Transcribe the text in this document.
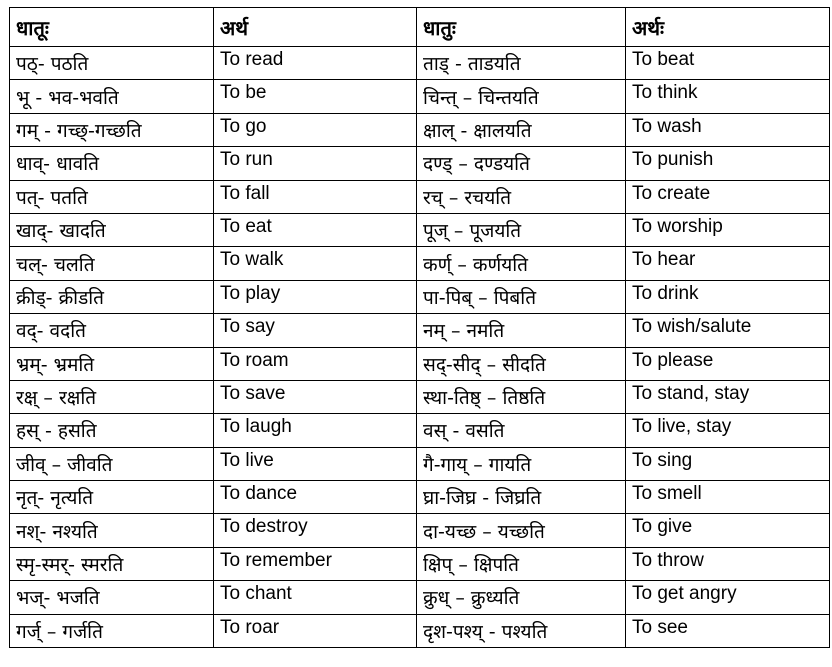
धातूः	अर्थ	धातुः	अर्थः
पठ्- पठति	To read	ताड् - ताडयति	To beat
भू - भव-भवति	To be	चिन्त् – चिन्तयति	To think
गम् - गच्छ्-गच्छति	To go	क्षाल् - क्षालयति	To wash
धाव्- धावति	To run	दण्ड् – दण्डयति	To punish
पत्- पतति	To fall	रच् – रचयति	To create
खाद्- खादति	To eat	पूज् – पूजयति	To worship
चल्- चलति	To walk	कर्ण् – कर्णयति	To hear
क्रीड्- क्रीडति	To play	पा-पिब् – पिबति	To drink
वद्- वदति	To say	नम् – नमति	To wish/salute
भ्रम्- भ्रमति	To roam	सद्-सीद् – सीदति	To please
रक्ष् – रक्षति	To save	स्था-तिष्ठ् – तिष्ठति	To stand, stay
हस् - हसति	To laugh	वस् - वसति	To live, stay
जीव् – जीवति	To live	गै-गाय् – गायति	To sing
नृत्- नृत्यति	To dance	घ्रा-जिघ्र - जिघ्रति	To smell
नश्- नश्यति	To destroy	दा-यच्छ – यच्छति	To give
स्मृ-स्मर्- स्मरति	To remember	क्षिप् – क्षिपति	To throw
भज्- भजति	To chant	क्रुध् – क्रुध्यति	To get angry
गर्ज् – गर्जति	To roar	दृश-पश्य् - पश्यति	To see
